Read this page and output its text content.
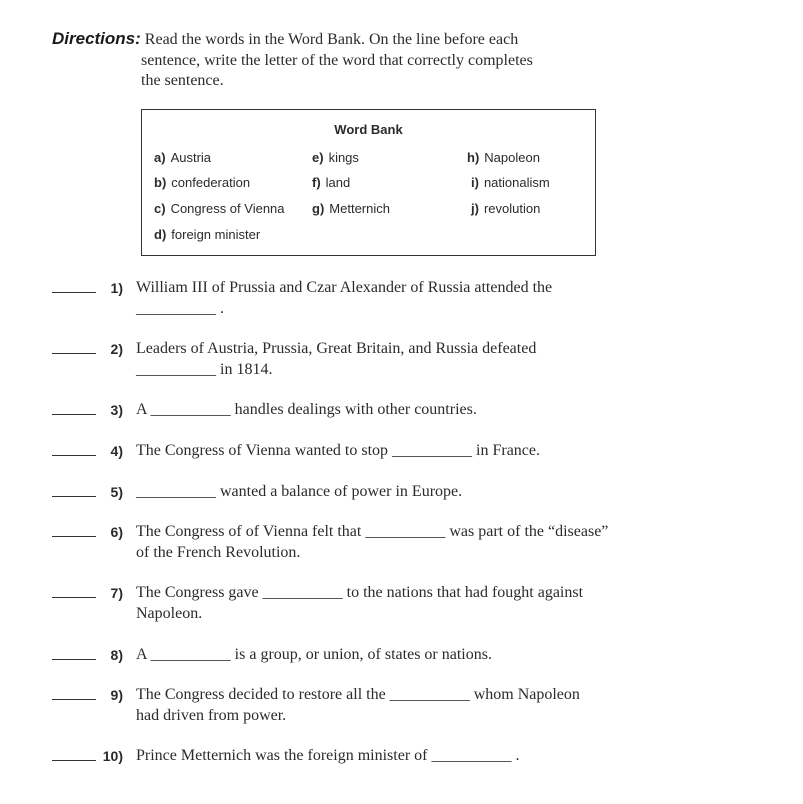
Directions: Read the words in the Word Bank. On the line before each
sentence, write the letter of the word that correctly completes
the sentence.
Word Bank
a) Austria
b) confederation
c) Congress of Vienna
d) foreign minister
e) kings
f) land
g) Metternich
h) Napoleon
i) nationalism
j) revolution
1) William III of Prussia and Czar Alexander of Russia attended the
__________ .
2) Leaders of Austria, Prussia, Great Britain, and Russia defeated
__________ in 1814.
3) A __________ handles dealings with other countries.
4) The Congress of Vienna wanted to stop __________ in France.
5) __________ wanted a balance of power in Europe.
6) The Congress of of Vienna felt that __________ was part of the “disease”
of the French Revolution.
7) The Congress gave __________ to the nations that had fought against
Napoleon.
8) A __________ is a group, or union, of states or nations.
9) The Congress decided to restore all the __________ whom Napoleon
had driven from power.
10) Prince Metternich was the foreign minister of __________ .
